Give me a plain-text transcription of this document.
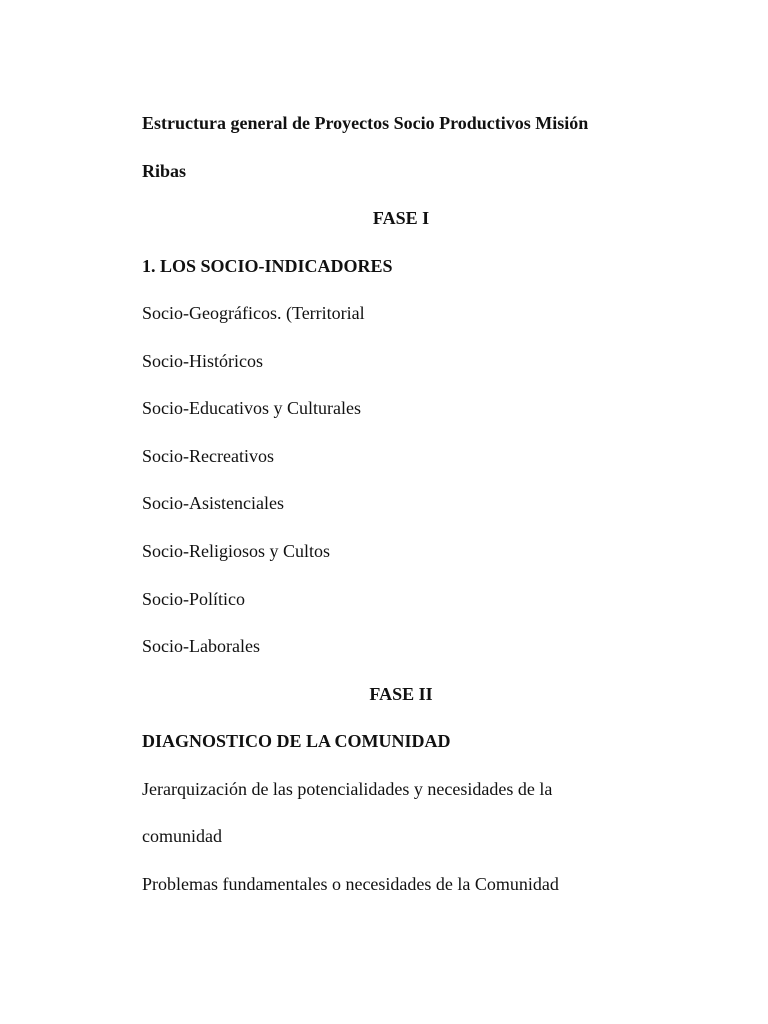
Estructura general de Proyectos Socio Productivos Misión
Ribas
FASE I
1. LOS SOCIO-INDICADORES
Socio-Geográficos. (Territorial
Socio-Históricos
Socio-Educativos y Culturales
Socio-Recreativos
Socio-Asistenciales
Socio-Religiosos y Cultos
Socio-Político
Socio-Laborales
FASE II
DIAGNOSTICO DE LA COMUNIDAD
Jerarquización de las potencialidades y necesidades de la
comunidad
Problemas fundamentales o necesidades de la Comunidad
